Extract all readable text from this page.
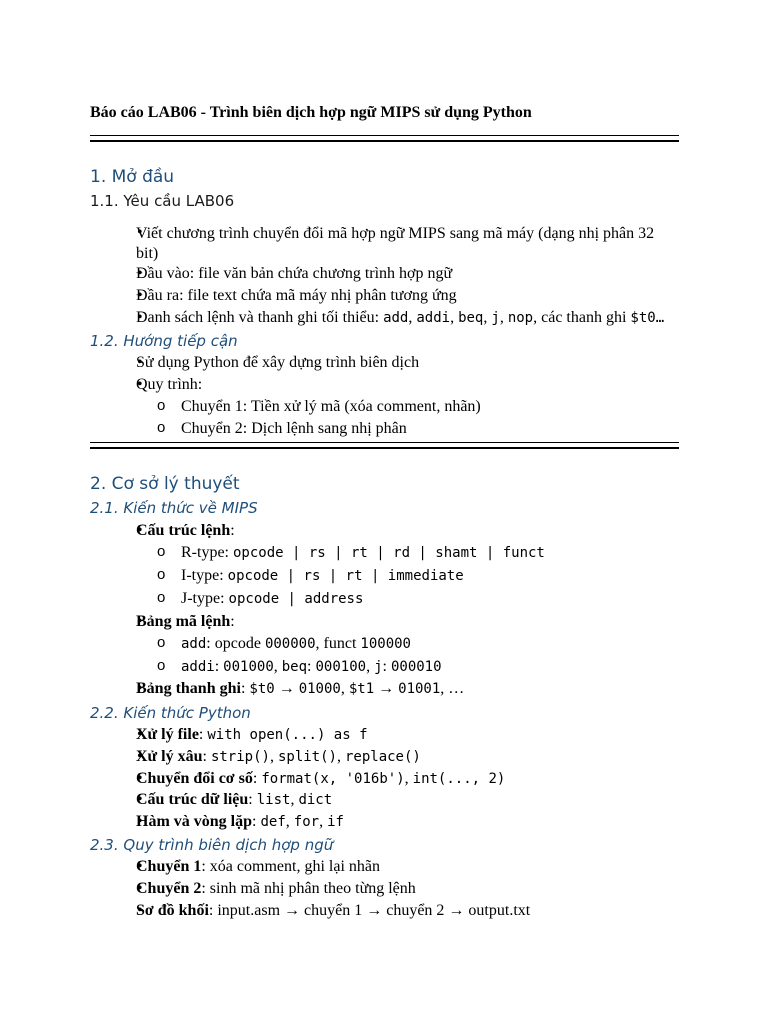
Báo cáo LAB06 - Trình biên dịch hợp ngữ MIPS sử dụng Python
1. Mở đầu
1.1. Yêu cầu LAB06
Viết chương trình chuyển đổi mã hợp ngữ MIPS sang mã máy (dạng nhị phân 32 bit)
Đầu vào: file văn bản chứa chương trình hợp ngữ
Đầu ra: file text chứa mã máy nhị phân tương ứng
Danh sách lệnh và thanh ghi tối thiểu: add, addi, beq, j, nop, các thanh ghi $t0…
1.2. Hướng tiếp cận
Sử dụng Python để xây dựng trình biên dịch
Quy trình:
Chuyển 1: Tiền xử lý mã (xóa comment, nhãn)
Chuyển 2: Dịch lệnh sang nhị phân
2. Cơ sở lý thuyết
2.1. Kiến thức về MIPS
Cấu trúc lệnh:
R-type: opcode | rs | rt | rd | shamt | funct
I-type: opcode | rs | rt | immediate
J-type: opcode | address
Bảng mã lệnh:
add: opcode 000000, funct 100000
addi: 001000, beq: 000100, j: 000010
Bảng thanh ghi: $t0 → 01000, $t1 → 01001, …
2.2. Kiến thức Python
Xử lý file: with open(...) as f
Xử lý xâu: strip(), split(), replace()
Chuyển đổi cơ số: format(x, '016b'), int(..., 2)
Cấu trúc dữ liệu: list, dict
Hàm và vòng lặp: def, for, if
2.3. Quy trình biên dịch hợp ngữ
Chuyển 1: xóa comment, ghi lại nhãn
Chuyển 2: sinh mã nhị phân theo từng lệnh
Sơ đồ khối: input.asm → chuyển 1 → chuyển 2 → output.txt
